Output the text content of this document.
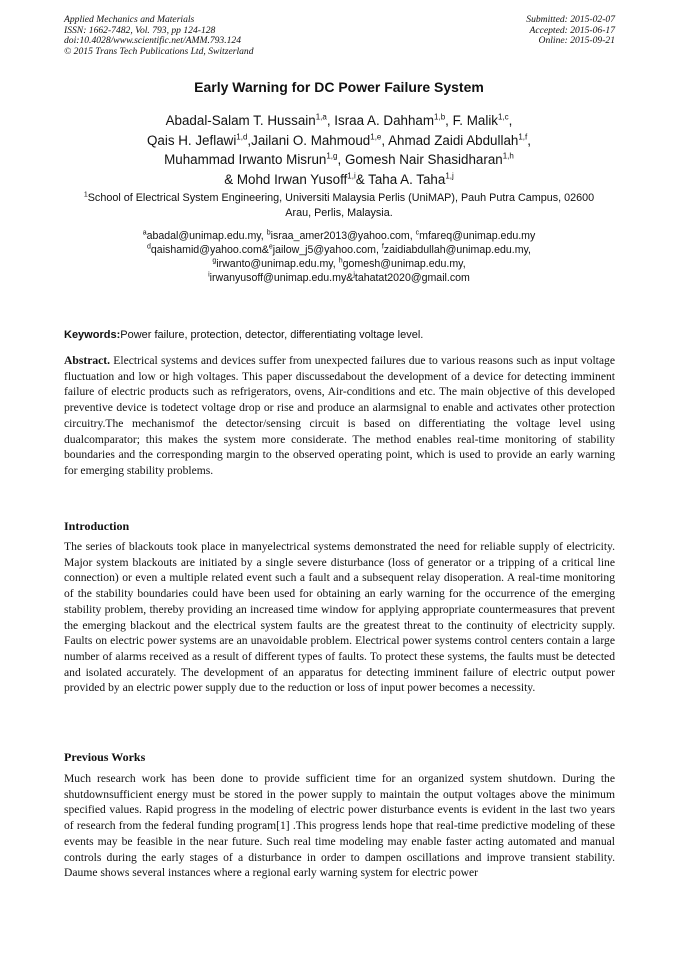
Applied Mechanics and Materials
ISSN: 1662-7482, Vol. 793, pp 124-128
doi:10.4028/www.scientific.net/AMM.793.124
© 2015 Trans Tech Publications Ltd, Switzerland
Submitted: 2015-02-07
Accepted: 2015-06-17
Online: 2015-09-21
Early Warning for DC Power Failure System
Abadal-Salam T. Hussain$^{1,a}$, Israa A. Dahham$^{1,b}$, F. Malik$^{1,c}$,
Qais H. Jeflawi$^{1,d}$,Jailani O. Mahmoud$^{1,e}$, Ahmad Zaidi Abdullah$^{1,f}$,
Muhammad Irwanto Misrun$^{1,g}$, Gomesh Nair Shasidharan$^{1,h}$
& Mohd Irwan Yusoff$^{1,i}$& Taha A. Taha$^{1,j}$
$^1$School of Electrical System Engineering, Universiti Malaysia Perlis (UniMAP), Pauh Putra Campus, 02600 Arau, Perlis, Malaysia.
$^a$abadal@unimap.edu.my, $^b$israa_amer2013@yahoo.com, $^c$mfareq@unimap.edu.my
$^d$qaishamid@yahoo.com&$^e$jailow_j5@yahoo.com, $^f$zaidiabdullah@unimap.edu.my,
$^g$irwanto@unimap.edu.my, $^h$gomesh@unimap.edu.my,
$^i$irwanyusoff@unimap.edu.my&$^j$tahatat2020@gmail.com
Keywords:Power failure, protection, detector, differentiating voltage level.

Abstract. Electrical systems and devices suffer from unexpected failures due to various reasons such as input voltage fluctuation and low or high voltages. This paper discussedabout the development of a device for detecting imminent failure of electric products such as refrigerators, ovens, Air-conditions and etc. The main objective of this developed preventive device is todetect voltage drop or rise and produce an alarmsignal to enable and activates other protection circuitry.The mechanismof the detector/sensing circuit is based on differentiating the voltage level using dualcomparator; this makes the system more considerate. The method enables real-time monitoring of stability boundaries and the corresponding margin to the observed operating point, which is used to provide an early warning for emerging stability problems.

Introduction

The series of blackouts took place in manyelectrical systems demonstrated the need for reliable supply of electricity. Major system blackouts are initiated by a single severe disturbance (loss of generator or a tripping of a critical line connection) or even a multiple related event such a fault and a subsequent relay disoperation. A real-time monitoring of the stability boundaries could have been used for obtaining an early warning for the occurrence of the emerging stability problem, thereby providing an increased time window for applying appropriate countermeasures that prevent the emerging blackout and the electrical system faults are the greatest threat to the continuity of electricity supply. Faults on electric power systems are an unavoidable problem. Electrical power systems control centers contain a large number of alarms received as a result of different types of faults. To protect these systems, the faults must be detected and isolated accurately. The development of an apparatus for detecting imminent failure of electric output power provided by an electric power supply due to the reduction or loss of input power becomes a necessity.

Previous Works

Much research work has been done to provide sufficient time for an organized system shutdown. During the shutdownsufficient energy must be stored in the power supply to maintain the output voltages above the minimum specified values. Rapid progress in the modeling of electric power disturbance events is evident in the last two years of research from the federal funding program[1] .This progress lends hope that real-time predictive modeling of these events may be feasible in the near future. Such real time modeling may enable faster acting automated and manual controls during the early stages of a disturbance in order to dampen oscillations and improve transient stability. Daume shows several instances where a regional early warning system for electric power
